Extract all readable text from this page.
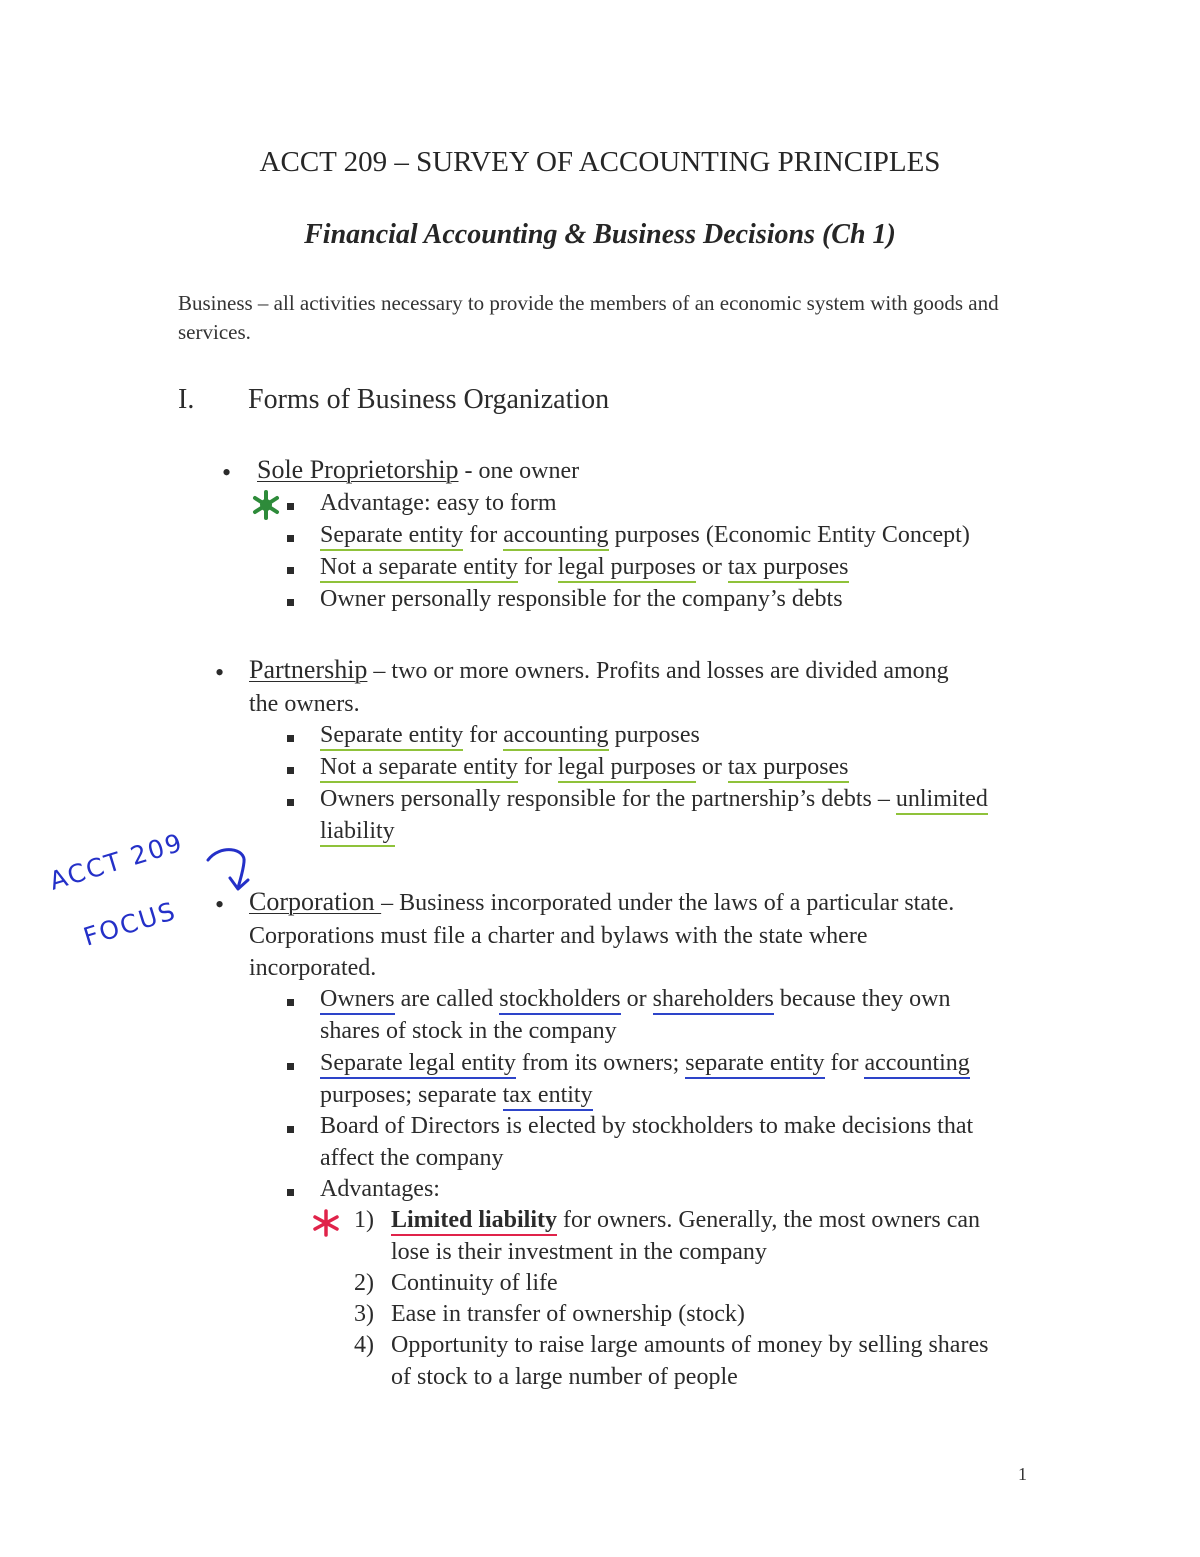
ACCT 209 – SURVEY OF ACCOUNTING PRINCIPLES
Financial Accounting & Business Decisions (Ch 1)
Business – all activities necessary to provide the members of an economic system with goods and services.
I. Forms of Business Organization
• Sole Proprietorship - one owner
Advantage: easy to form
Separate entity for accounting purposes (Economic Entity Concept)
Not a separate entity for legal purposes or tax purposes
Owner personally responsible for the company’s debts
• Partnership – two or more owners. Profits and losses are divided among
the owners.
Separate entity for accounting purposes
Not a separate entity for legal purposes or tax purposes
Owners personally responsible for the partnership’s debts – unlimited
liability
ACCT 209
FOCUS • Corporation – Business incorporated under the laws of a particular state.
Corporations must file a charter and bylaws with the state where
incorporated.
Owners are called stockholders or shareholders because they own
shares of stock in the company
Separate legal entity from its owners; separate entity for accounting
purposes; separate tax entity
Board of Directors is elected by stockholders to make decisions that
affect the company
Advantages:
1) Limited liability for owners. Generally, the most owners can
lose is their investment in the company
2) Continuity of life
3) Ease in transfer of ownership (stock)
4) Opportunity to raise large amounts of money by selling shares
of stock to a large number of people
1
